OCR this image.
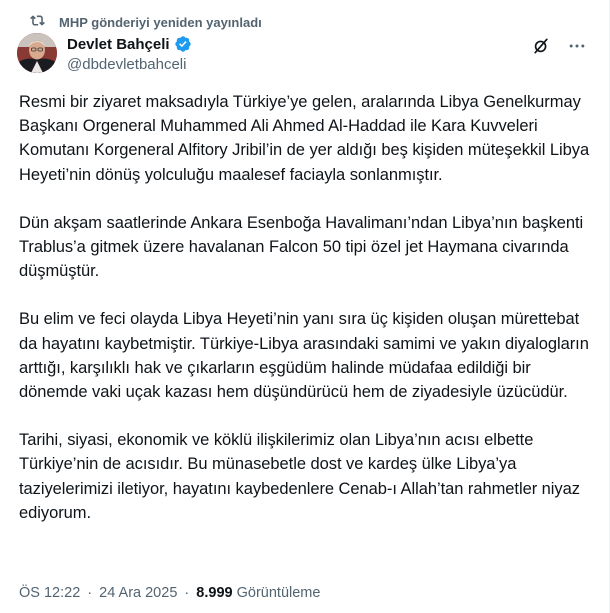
MHP gönderiyi yeniden yayınladı
Devlet Bahçeli
@dbdevletbahceli

Resmi bir ziyaret maksadıyla Türkiye’ye gelen, aralarında Libya Genelkurmay Başkanı Orgeneral Muhammed Ali Ahmed Al-Haddad ile Kara Kuvveleri Komutanı Korgeneral Alfitory Jribil’in de yer aldığı beş kişiden müteşekkil Libya Heyeti’nin dönüş yolculuğu maalesef faciayla sonlanmıştır.

Dün akşam saatlerinde Ankara Esenboğa Havalimanı’ndan Libya’nın başkenti Trablus’a gitmek üzere havalanan Falcon 50 tipi özel jet Haymana civarında düşmüştür.

Bu elim ve feci olayda Libya Heyeti’nin yanı sıra üç kişiden oluşan mürettebat da hayatını kaybetmiştir. Türkiye-Libya arasındaki samimi ve yakın diyalogların arttığı, karşılıklı hak ve çıkarların eşgüdüm halinde müdafaa edildiği bir dönemde vaki uçak kazası hem düşündürücü hem de ziyadesiyle üzücüdür.

Tarihi, siyasi, ekonomik ve köklü ilişkilerimiz olan Libya’nın acısı elbette Türkiye’nin de acısıdır. Bu münasebetle dost ve kardeş ülke Libya’ya taziyelerimizi iletiyor, hayatını kaybedenlere Cenab-ı Allah’tan rahmetler niyaz ediyorum.

ÖS 12:22 · 24 Ara 2025 · 8.999 Görüntüleme
